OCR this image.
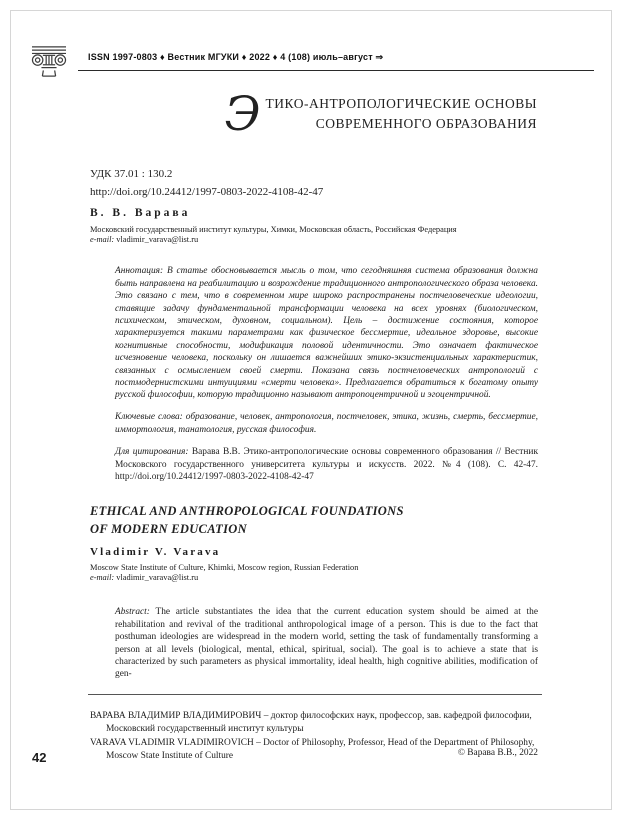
ISSN 1997-0803 ♦ Вестник МГУКИ ♦ 2022 ♦ 4 (108) июль–август ⇒
Э ТИКО-АНТРОПОЛОГИЧЕСКИЕ ОСНОВЫ
СОВРЕМЕННОГО ОБРАЗОВАНИЯ
УДК 37.01 : 130.2
http://doi.org/10.24412/1997-0803-2022-4108-42-47
В. В. Варава
Московский государственный институт культуры, Химки, Московская область, Российская Федерация
e-mail: vladimir_varava@list.ru

Аннотация: В статье обосновывается мысль о том, что сегодняшняя система образования должна быть направлена на реабилитацию и возрождение традиционного антропологического образа человека. Это связано с тем, что в современном мире широко распространены постчеловеческие идеологии, ставящие задачу фундаментальной трансформации человека на всех уровнях (биологическом, психическом, этическом, духовном, социальном). Цель – достижение состояния, которое характеризуется такими параметрами как физическое бессмертие, идеальное здоровье, высокие когнитивные способности, модификация половой идентичности. Это означает фактическое исчезновение человека, поскольку он лишается важнейших этико-экзистенциальных характеристик, связанных с осмыслением своей смерти. Показана связь постчеловеческих антропологий с постмодернистскими интуициями «смерти человека». Предлагается обратиться к богатому опыту русской философии, которую традиционно называют антропоцентричной и эгоцентричной.

Ключевые слова: образование, человек, антропология, постчеловек, этика, жизнь, смерть, бессмертие, иммортология, танатология, русская философия.

Для цитирования: Варава В.В. Этико-антропологические основы современного образования // Вестник Московского государственного университета культуры и искусств. 2022. №4 (108). С. 42-47. http://doi.org/10.24412/1997-0803-2022-4108-42-47

ETHICAL AND ANTHROPOLOGICAL FOUNDATIONS
OF MODERN EDUCATION
Vladimir V. Varava
Moscow State Institute of Culture, Khimki, Moscow region, Russian Federation
e-mail: vladimir_varava@list.ru

Abstract: The article substantiates the idea that the current education system should be aimed at the rehabilitation and revival of the traditional anthropological image of a person. This is due to the fact that posthuman ideologies are widespread in the modern world, setting the task of fundamentally transforming a person at all levels (biological, mental, ethical, spiritual, social). The goal is to achieve a state that is characterized by such parameters as physical immortality, ideal health, high cognitive abilities, modification of gen-

ВАРАВА ВЛАДИМИР ВЛАДИМИРОВИЧ – доктор философских наук, профессор, зав. кафедрой философии, Московский государственный институт культуры

VARAVA VLADIMIR VLADIMIROVICH – Doctor of Philosophy, Professor, Head of the Department of Philosophy, Moscow State Institute of Culture	© Варава В.В., 2022
42
